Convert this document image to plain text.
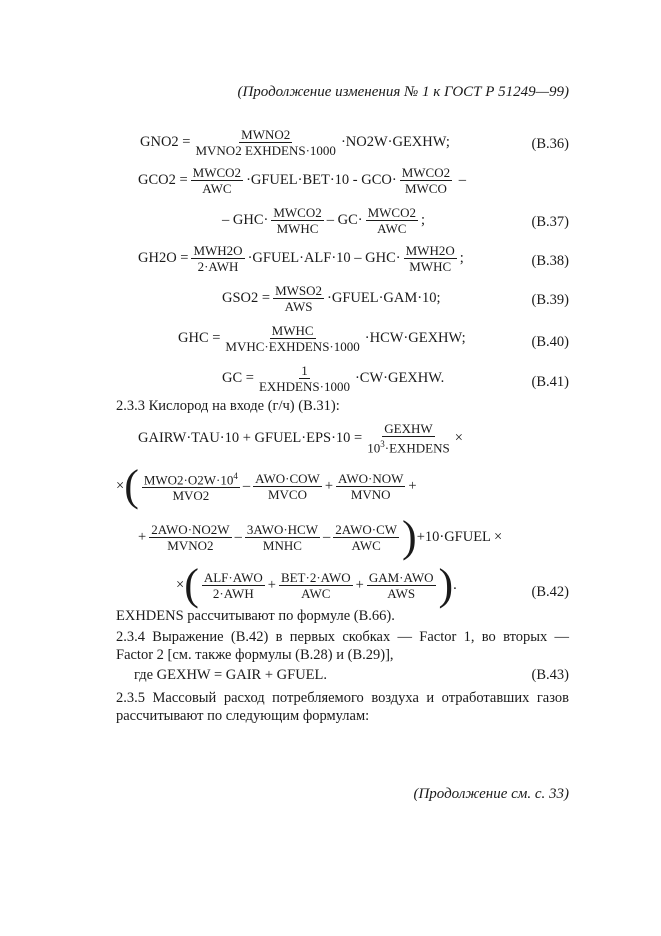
(Продолжение изменения № 1 к ГОСТ Р 51249—99)
$GNO2 = \frac{\text{MWNO2}}{\text{MVNO2 EXHDENS·1000}}$ ·NO2W·GEXHW;	(B.36)
$GCO2 = \frac{\text{MWCO2}}{\text{AWC}}$ ·GFUEL·BET·10 - $GCO\cdot \frac{\text{MWCO2}}{\text{MWCO}}$ –
– $GHC\cdot \frac{\text{MWCO2}}{\text{MWHC}} - GC\cdot \frac{\text{MWCO2}}{\text{AWC}}$ ;	(B.37)
$GH2O = \frac{\text{MWH2O}}{\text{2·AWH}}$ ·GFUEL·ALF·10 – $GHC\cdot \frac{\text{MWH2O}}{\text{MWHC}}$ ;	(B.38)
$GSO2 = \frac{\text{MWSO2}}{\text{AWS}}$ ·GFUEL·GAM·10;	(B.39)
GHC = $\frac{\text{MWHC}}{\text{MVHC·EXHDENS·1000}}$ ·HCW·GEXHW;	(B.40)
GC = $\frac{1}{\text{EXHDENS·1000}}$ ·CW·GEXHW.	(B.41)
2.3.3 Кислород на входе (г/ч) (В.31):
GAIRW·TAU·10 + GFUEL·EPS·10 = $\frac{\text{GEXHW}}{10^3\cdot EXHDENS}$ ×
× ( $\frac{MWO2\cdot O2W\cdot 10^4}{\text{MVO2}} - \frac{\text{AWO·COW}}{\text{MVCO}} + \frac{\text{AWO·NOW}}{\text{MVNO}}$ +
+ $\frac{\text{2AWO·NO2W}}{\text{MVNO2}} - \frac{\text{3AWO·HCW}}{\text{MNHC}} - \frac{\text{2AWO·CW}}{\text{AWC}}$ ) +10·GFUEL ×
× ( $\frac{\text{ALF·AWO}}{\text{2·AWH}} + \frac{\text{BET·2·AWO}}{\text{AWC}} + \frac{\text{GAM·AWO}}{\text{AWS}}$ ) .	(B.42)
EXHDENS рассчитывают по формуле (В.66).
2.3.4 Выражение (В.42) в первых скобках — Factor 1, во вторых —
Factor 2 [см. также формулы (В.28) и (В.29)],
где GEXHW = GAIR + GFUEL.	(B.43)
2.3.5 Массовый расход потребляемого воздуха и отработавших газов
рассчитывают по следующим формулам:
(Продолжение см. с. 33)
